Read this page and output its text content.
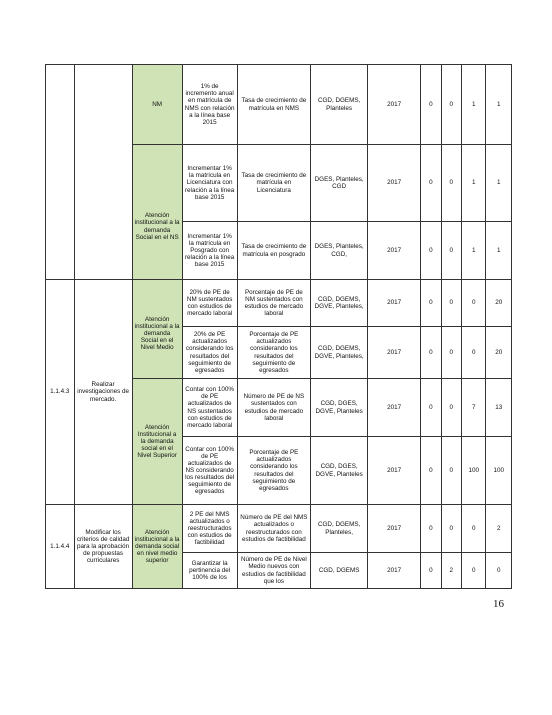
		NM	1% de incremento anual en matrícula de NMS con relación a la línea base 2015	Tasa de crecimiento de matrícula en NMS	CGD, DGEMS, Planteles	2017	0	0	1	1
		Atención institucional a la demanda Social en el NS	Incrementar 1% la matrícula en Licenciatura con relación a la línea base 2015	Tasa de crecimiento de matrícula en Licenciatura	DGES, Planteles, CGD	2017	0	0	1	1
			Incrementar 1% la matrícula en Posgrado con relación a la línea base 2015	Tasa de crecimiento de matrícula en posgrado	DGES, Planteles, CGD,	2017	0	0	1	1
1.1.4.3	Realizar investigaciones de mercado.	Atención institucional a la demanda Social en el Nivel Medio	20% de PE de NM sustentados con estudios de mercado laboral	Porcentaje de PE de NM sustentados con estudios de mercado laboral	CGD, DGEMS, DGVE, Planteles,	2017	0	0	0	20
			20% de PE actualizados considerando los resultados del seguimiento de egresados	Porcentaje de PE actualizados considerando los resultados del seguimiento de egresados	CGD, DGEMS, DGVE, Planteles,	2017	0	0	0	20
		Atención Institucional a la demanda social en el Nivel Superior	Contar con 100% de PE actualizados de NS sustentados con estudios de mercado laboral	Número de PE de NS sustentados con estudios de mercado laboral	CGD, DGES, DGVE, Planteles	2017	0	0	7	13
			Contar con 100% de PE actualizados de NS considerando los resultados del seguimiento de egresados	Porcentaje de PE actualizados considerando los resultados del seguimiento de egresados	CGD, DGES, DGVE, Planteles	2017	0	0	100	100
1.1.4.4	Modificar los criterios de calidad para la aprobación de propuestas curriculares	Atención institucional a la demanda social en nivel medio superior	2 PE del NMS actualizados o reestructurados con estudios de factibilidad	Número de PE del NMS actualizados o reestructurados con estudios de factibilidad	CGD, DGEMS, Planteles,	2017	0	0	0	2
			Garantizar la pertinencia del 100% de los	Número de PE de Nivel Medio nuevos con estudios de factibilidad que los	CGD, DGEMS	2017	0	2	0	0
16
